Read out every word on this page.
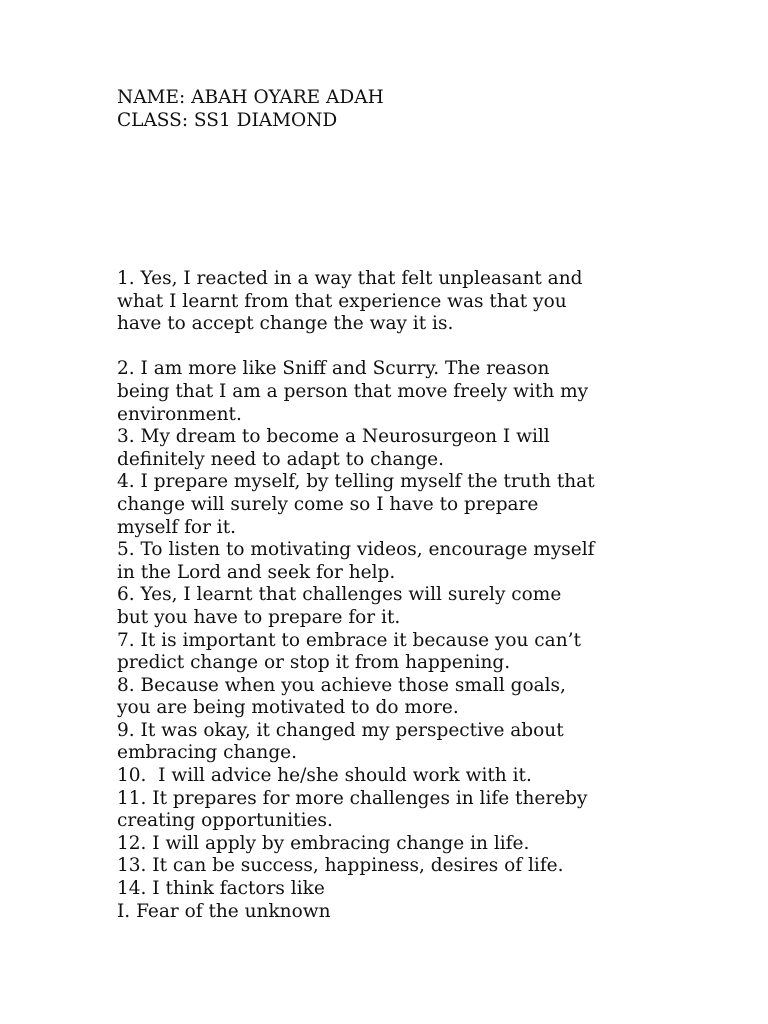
NAME: ABAH OYARE ADAH
CLASS: SS1 DIAMOND
1. Yes, I reacted in a way that felt unpleasant and
what I learnt from that experience was that you
have to accept change the way it is.
2. I am more like Sniff and Scurry. The reason
being that I am a person that move freely with my
environment.
3. My dream to become a Neurosurgeon I will
definitely need to adapt to change.
4. I prepare myself, by telling myself the truth that
change will surely come so I have to prepare
myself for it.
5. To listen to motivating videos, encourage myself
in the Lord and seek for help.
6. Yes, I learnt that challenges will surely come
but you have to prepare for it.
7. It is important to embrace it because you can’t
predict change or stop it from happening.
8. Because when you achieve those small goals,
you are being motivated to do more.
9. It was okay, it changed my perspective about
embracing change.
10.  I will advice he/she should work with it.
11. It prepares for more challenges in life thereby
creating opportunities.
12. I will apply by embracing change in life.
13. It can be success, happiness, desires of life.
14. I think factors like
I. Fear of the unknown
